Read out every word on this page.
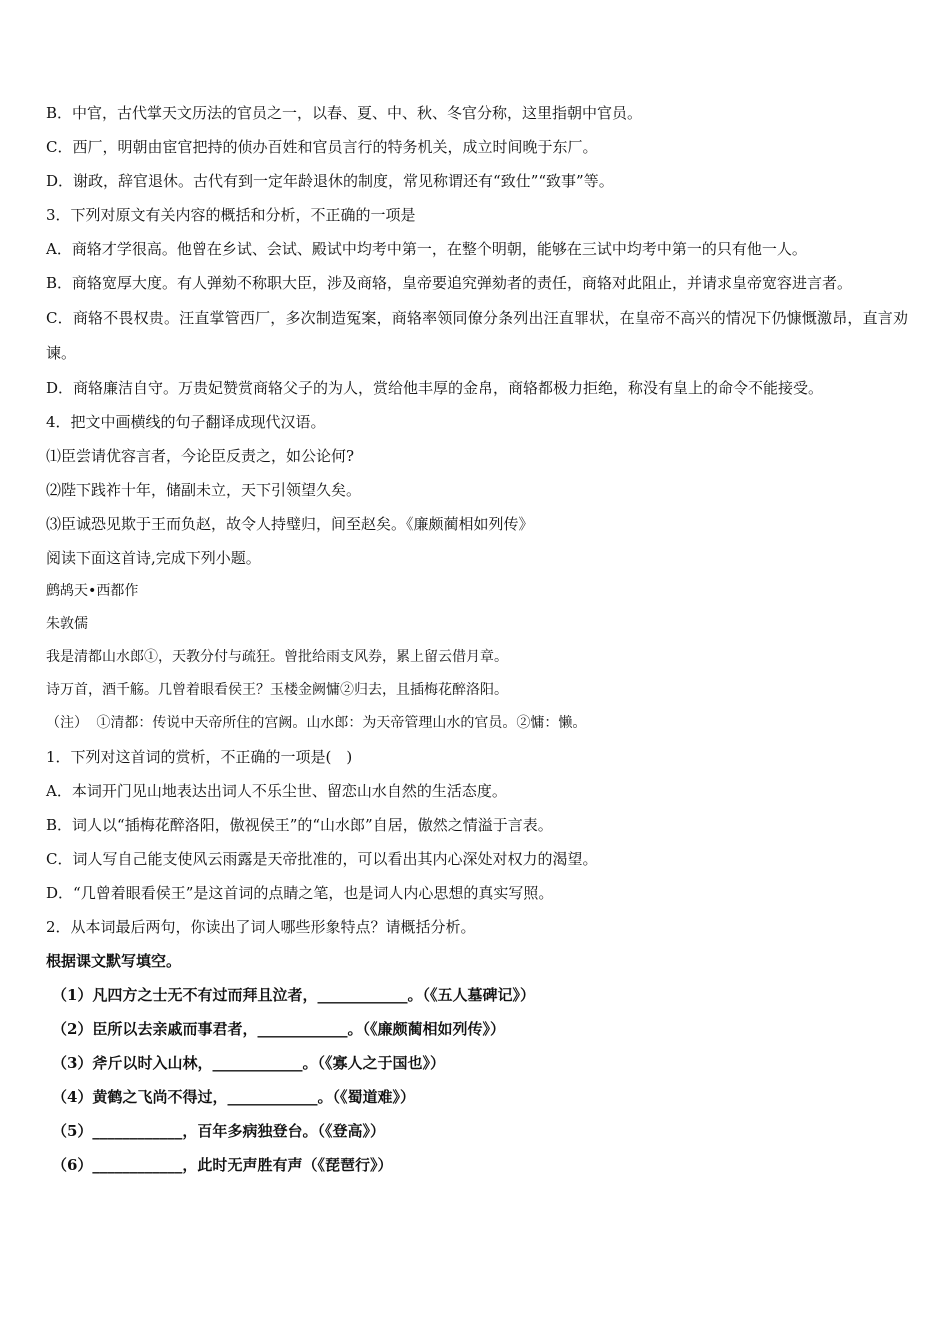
B．中官，古代掌天文历法的官员之一，以春、夏、中、秋、冬官分称，这里指朝中官员。
C．西厂，明朝由宦官把持的侦办百姓和官员言行的特务机关，成立时间晚于东厂。
D．谢政，辞官退休。古代有到一定年龄退休的制度，常见称谓还有“致仕”“致事”等。
3．下列对原文有关内容的概括和分析，不正确的一项是
A．商辂才学很高。他曾在乡试、会试、殿试中均考中第一，在整个明朝，能够在三试中均考中第一的只有他一人。
B．商辂宽厚大度。有人弹劾不称职大臣，涉及商辂，皇帝要追究弹劾者的责任，商辂对此阻止，并请求皇帝宽容进言者。
C．商辂不畏权贵。汪直掌管西厂，多次制造冤案，商辂率领同僚分条列出汪直罪状，在皇帝不高兴的情况下仍慷慨激昂，直言劝谏。
D．商辂廉洁自守。万贵妃赞赏商辂父子的为人，赏给他丰厚的金帛，商辂都极力拒绝，称没有皇上的命令不能接受。
4．把文中画横线的句子翻译成现代汉语。
⑴臣尝请优容言者，今论臣反责之，如公论何?
⑵陛下践祚十年，储副未立，天下引领望久矣。
⑶臣诚恐见欺于王而负赵，故令人持璧归，间至赵矣。《廉颇蔺相如列传》
阅读下面这首诗,完成下列小题。
鹧鸪天•西都作
朱敦儒
我是清都山水郎①，天教分付与疏狂。曾批给雨支风券，累上留云借月章。
诗万首，酒千觞。几曾着眼看侯王？玉楼金阙慵②归去，且插梅花醉洛阳。
（注） ①清都：传说中天帝所住的宫阙。山水郎：为天帝管理山水的官员。②慵：懒。
1．下列对这首词的赏析，不正确的一项是(　)
A．本词开门见山地表达出词人不乐尘世、留恋山水自然的生活态度。
B．词人以“插梅花醉洛阳，傲视侯王”的“山水郎”自居，傲然之情溢于言表。
C．词人写自己能支使风云雨露是天帝批准的，可以看出其内心深处对权力的渴望。
D．“几曾着眼看侯王”是这首词的点睛之笔，也是词人内心思想的真实写照。
2．从本词最后两句，你读出了词人哪些形象特点？请概括分析。
根据课文默写填空。
（1）凡四方之士无不有过而拜且泣者，____________。（《五人墓碑记》）
（2）臣所以去亲戚而事君者，____________。（《廉颇蔺相如列传》）
（3）斧斤以时入山林，____________。（《寡人之于国也》）
（4）黄鹤之飞尚不得过，____________。（《蜀道难》）
（5）____________，百年多病独登台。（《登高》）
（6）____________，此时无声胜有声（《琵琶行》）
